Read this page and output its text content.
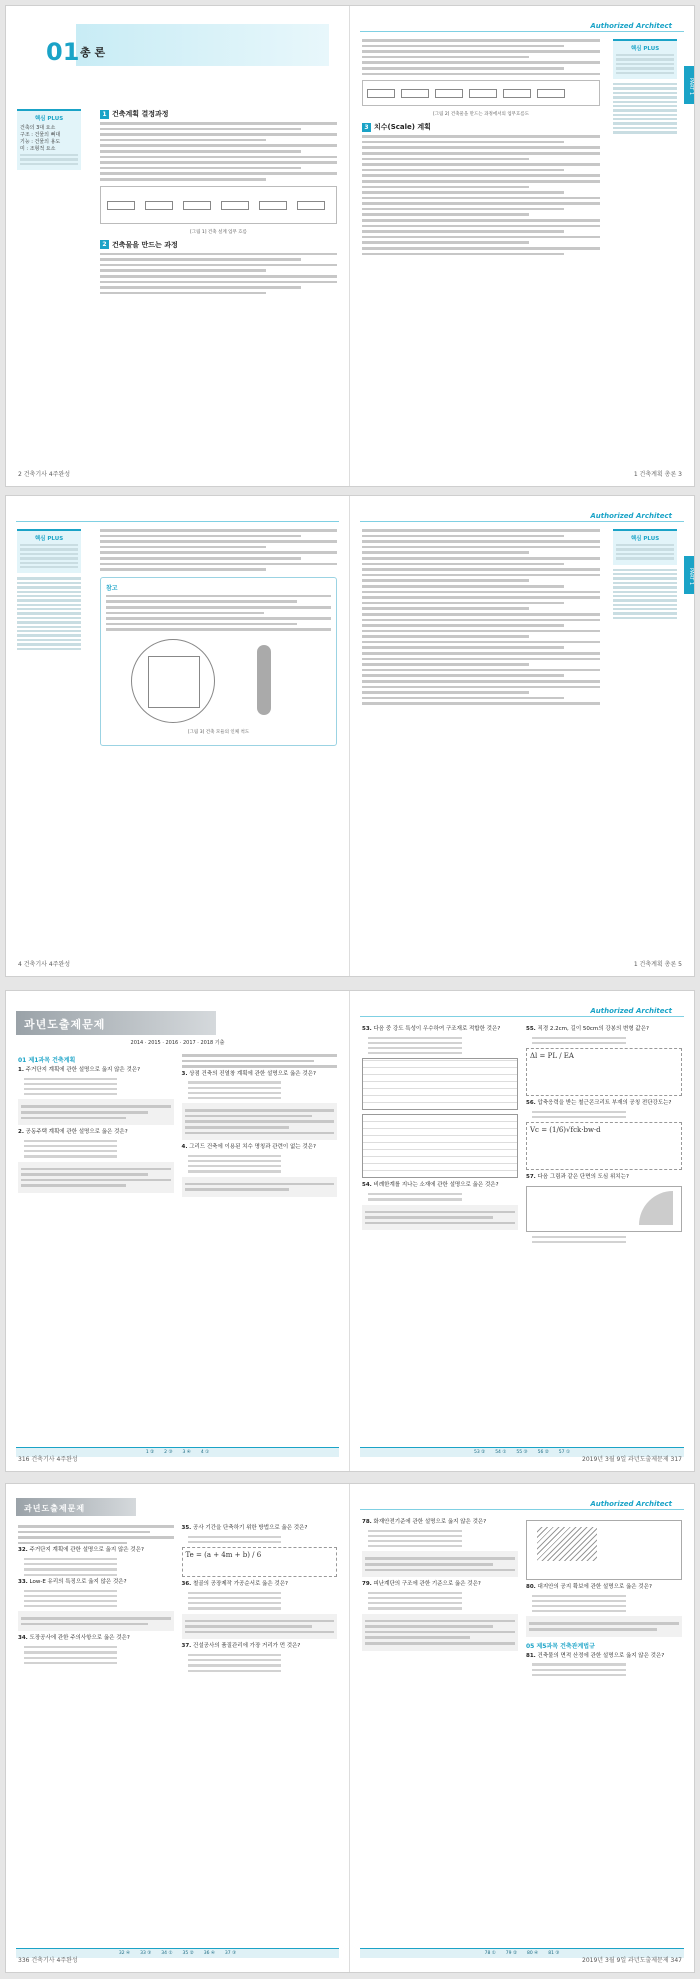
01 총 론
핵심 PLUS
건축의 3대 요소
구조 : 건물의 뼈대
기능 : 건물의 용도
미 : 조형적 요소
1 건축계획 결정과정
[그림 1] 건축 설계 업무 흐름
2 건축물을 만드는 과정
2 건축기사 4주완성
Authorized Architect
PART 1
[그림 2] 건축물을 만드는 과정에서의 업무흐름도
3 치수(Scale) 계획
핵심 PLUS
1 건축계획 총론 3
핵심 PLUS
참고
[그림 3] 건축 모듈의 인체 척도
4 건축기사 4주완성
Authorized Architect
PART 1
핵심 PLUS
1 건축계획 총론 5
과년도출제문제
2014 · 2015 · 2016 · 2017 · 2018 기출
01 제1과목 건축계획
1. 주거단지 계획에 관한 설명으로 옳지 않은 것은?
2. 공동주택 계획에 관한 설명으로 옳은 것은?
3. 상점 건축의 진열창 계획에 관한 설명으로 옳은 것은?
4. 그리드 건축에 이용된 치수 명칭과 관련이 없는 것은?
1 ② 2 ③ 3 ④ 4 ①
316 건축기사 4주완성
Authorized Architect
53. 다음 중 강도 특성이 우수하여 구조재로 적합한 것은?
54. 비례한계를 지나는 소재에 관한 설명으로 옳은 것은?
55. 직경 2.2cm, 길이 50cm의 강봉의 변형 값은?
Δl = PL / EA
56. 압축응력을 받는 철근콘크리트 부재의 공칭 전단강도는?
Vc = (1/6)√fck·bw·d
57. 다음 그림과 같은 단면의 도심 위치는?
53 ② 54 ① 55 ③ 56 ② 57 ①
2019년 3월 9일 과년도출제문제 317
과년도출제문제
32. 주거단지 계획에 관한 설명으로 옳지 않은 것은?
33. Low-E 유리의 특징으로 옳지 않은 것은?
34. 도장공사에 관한 주의사항으로 옳은 것은?
35. 공사 기간을 단축하기 위한 방법으로 옳은 것은?
Te = (a + 4m + b) / 6
36. 철골의 공장제작 가공순서로 옳은 것은?
37. 건설공사의 품질관리에 가장 거리가 먼 것은?
32 ④ 33 ③ 34 ① 35 ② 36 ④ 37 ③
336 건축기사 4주완성
Authorized Architect
78. 화재안전기준에 관한 설명으로 옳지 않은 것은?
79. 피난계단의 구조에 관한 기준으로 옳은 것은?	80. 대지안의 공지 확보에 관한 설명으로 옳은 것은?
05 제5과목 건축관계법규
81. 건축물의 면적 산정에 관한 설명으로 옳지 않은 것은?
78 ① 79 ② 80 ④ 81 ③
2019년 3월 9일 과년도출제문제 347
